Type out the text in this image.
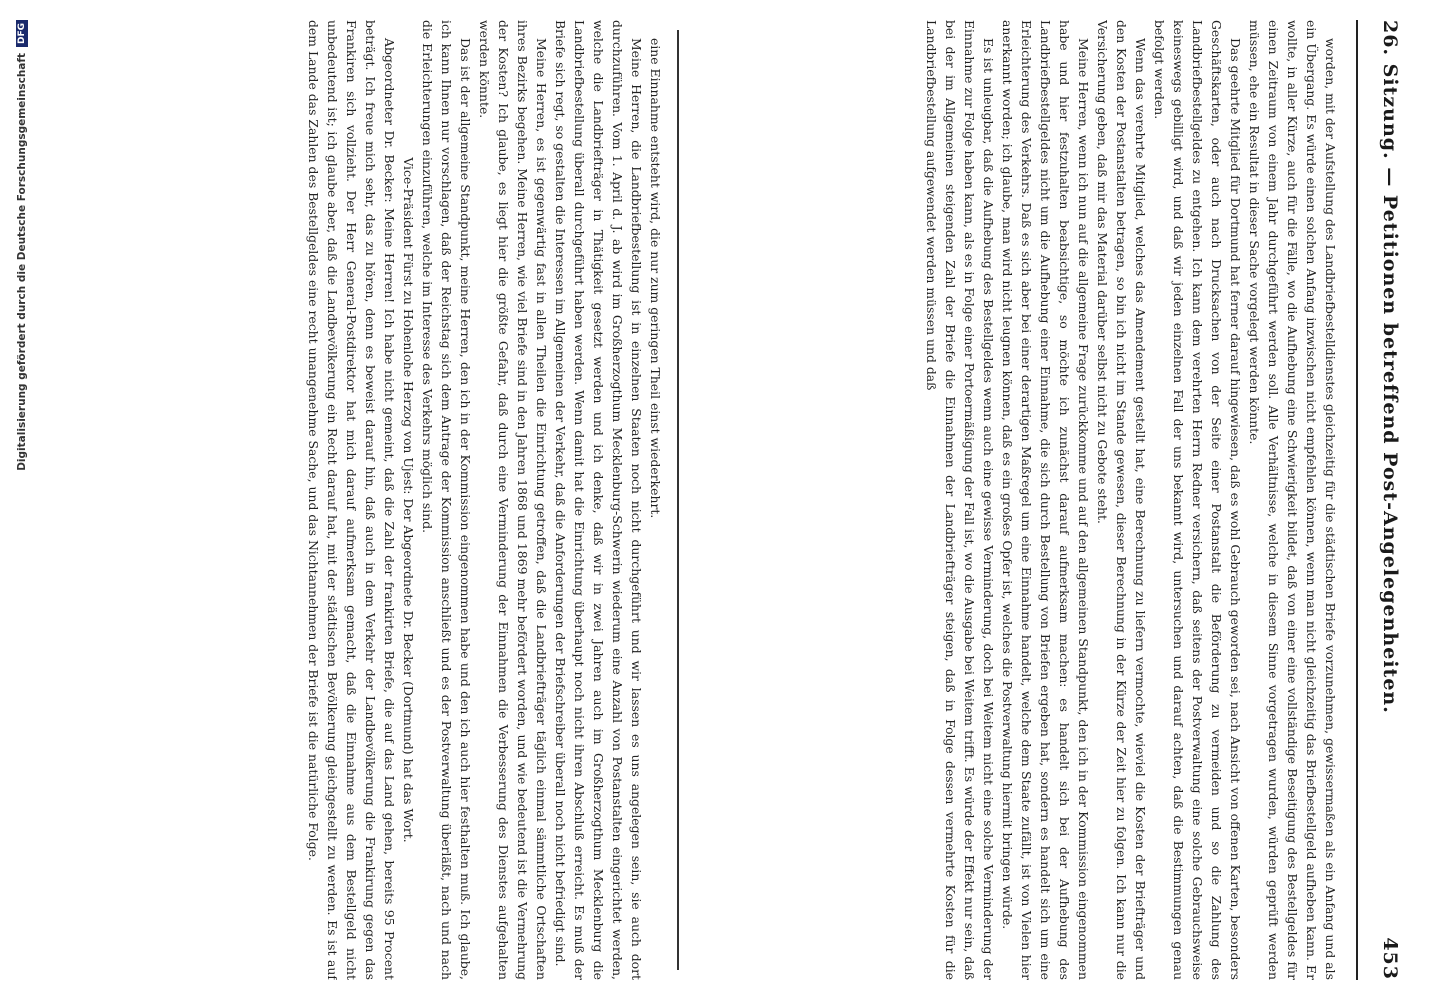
26. Sitzung. — Petitionen betreffend Post-Angelegenheiten.
453

worden, mit der Aufstellung des Landbriefbestelldienstes gleichzeitig für die städtischen Briefe vorzunehmen, gewissermaßen als ein Anfang und als ein Übergang. Es würde einen solchen Anfang inzwischen nicht empfehlen können, wenn man nicht gleichzeitig das Briefbestellgeld aufheben kann. Er wollte, in aller Kürze, auch für die Fälle, wo die Aufhebung eine Schwierigkeit bildet, daß von einer eine vollständige Beseitigung des Bestellgeldes für einen Zeitraum von einem Jahr durchgeführt werden soll. Alle Verhältnisse, welche in diesem Sinne vorgetragen wurden, würden geprüft werden müssen, ehe ein Resultat in dieser Sache vorgelegt werden könnte.

Das geehrte Mitglied für Dortmund hat ferner darauf hingewiesen, daß es wohl Gebrauch geworden sei, nach Ansicht von offenen Karten, besonders Geschäftskarten, oder auch nach Drucksachen von der Seite einer Postanstalt die Beförderung zu vermeiden und so die Zahlung des Landbriefbestellgeldes zu entgehen. Ich kann dem verehrten Herrn Redner versichern, daß seitens der Postverwaltung eine solche Gebrauchsweise keineswegs gebilligt wird, und daß wir jeden einzelnen Fall der uns bekannt wird, untersuchen und darauf achten, daß die Bestimmungen genau befolgt werden.

Wenn das verehrte Mitglied, welches das Amendement gestellt hat, eine Berechnung zu liefern vermochte, wieviel die Kosten der Briefträger und den Kosten der Postanstalten betragen, so bin ich nicht im Stande gewesen, dieser Berechnung in der Kürze der Zeit hier zu folgen. Ich kann nur die Versicherung geben, daß mir das Material darüber selbst nicht zu Gebote steht.

Meine Herren, wenn ich nun auf die allgemeine Frage zurückkomme und auf den allgemeinen Standpunkt, den ich in der Kommission eingenommen habe und hier festzuhalten beabsichtige, so möchte ich zunächst darauf aufmerksam machen: es handelt sich bei der Aufhebung des Landbriefbestellgeldes nicht um die Aufhebung einer Einnahme, die sich durch Bestellung von Briefen ergeben hat, sondern es handelt sich um eine Erleichterung des Verkehrs. Daß es sich aber bei einer derartigen Maßregel um eine Einnahme handelt, welche dem Staate zufällt, ist von Vielen hier anerkannt worden; ich glaube, man wird nicht leugnen können, daß es ein großes Opfer ist, welches die Postverwaltung hiermit bringen würde.

Es ist unleugbar, daß die Aufhebung des Bestellgeldes wenn auch eine gewisse Verminderung, doch bei Weitem nicht eine solche Verminderung der Einnahme zur Folge haben kann, als es in Folge einer Portoermäßigung der Fall ist, wo die Ausgabe bei Weitem trifft. Es würde der Effekt nur sein, daß bei der im Allgemeinen steigenden Zahl der Briefe die Einnahmen der Landbriefträger steigen, daß in Folge dessen vermehrte Kosten für die Landbriefbestellung aufgewendet werden müssen und daß

eine Einnahme entsteht wird, die nur zum geringen Theil einst wiederkehrt.

Meine Herren, die Landbriefbestellung ist in einzelnen Staaten noch nicht durchgeführt und wir lassen es uns angelegen sein, sie auch dort durchzuführen. Vom 1. April d. J. ab wird im Großherzogthum Mecklenburg-Schwerin wiederum eine Anzahl von Postanstalten eingerichtet werden, welche die Landbriefträger in Thätigkeit gesetzt werden und ich denke, daß wir in zwei Jahren auch im Großherzogthum Mecklenburg die Landbriefbestellung überall durchgeführt haben werden. Wenn damit hat die Einrichtung überhaupt noch nicht ihren Abschluß erreicht. Es muß der Briefe sich regt, so gestalten die Interessen im Allgemeinen der Verkehr, daß die Anforderungen der Briefschreiber überall noch nicht befriedigt sind.

Meine Herren, es ist gegenwärtig fast in allen Theilen die Einrichtung getroffen, daß die Landbriefträger täglich einmal sämmtliche Ortschaften ihres Bezirks begehen. Meine Herren, wie viel Briefe sind in den Jahren 1868 und 1869 mehr befördert worden, und wie bedeutend ist die Vermehrung der Kosten? Ich glaube, es liegt hier die größte Gefahr, daß durch eine Verminderung der Einnahmen die Verbesserung des Dienstes aufgehalten werden könnte.

Das ist der allgemeine Standpunkt, meine Herren, den ich in der Kommission eingenommen habe und den ich auch hier festhalten muß. Ich glaube, ich kann Ihnen nur vorschlagen, daß der Reichstag sich dem Antrage der Kommission anschließt und es der Postverwaltung überläßt, nach und nach die Erleichterungen einzuführen, welche im Interesse des Verkehrs möglich sind.

Vice-Präsident Fürst zu Hohenlohe Herzog von Ujest: Der Abgeordnete Dr. Becker (Dortmund) hat das Wort.

Abgeordneter Dr. Becker: Meine Herren! Ich habe nicht gemeint, daß die Zahl der frankirten Briefe, die auf das Land gehen, bereits 95 Procent beträgt. Ich freue mich sehr, das zu hören, denn es beweist darauf hin, daß auch in dem Verkehr der Landbevölkerung die Frankirung gegen das Frankiren sich vollzieht. Der Herr General-Postdirektor hat mich darauf aufmerksam gemacht, daß die Einnahme aus dem Bestellgeld nicht unbedeutend ist; ich glaube aber, daß die Landbevölkerung ein Recht darauf hat, mit der städtischen Bevölkerung gleichgestellt zu werden. Es ist auf dem Lande das Zahlen des Bestellgeldes eine recht unangenehme Sache, und das Nichtannehmen der Briefe ist die natürliche Folge.

Digitalisierung gefördert durch die Deutsche Forschungsgemeinschaft
DFG
